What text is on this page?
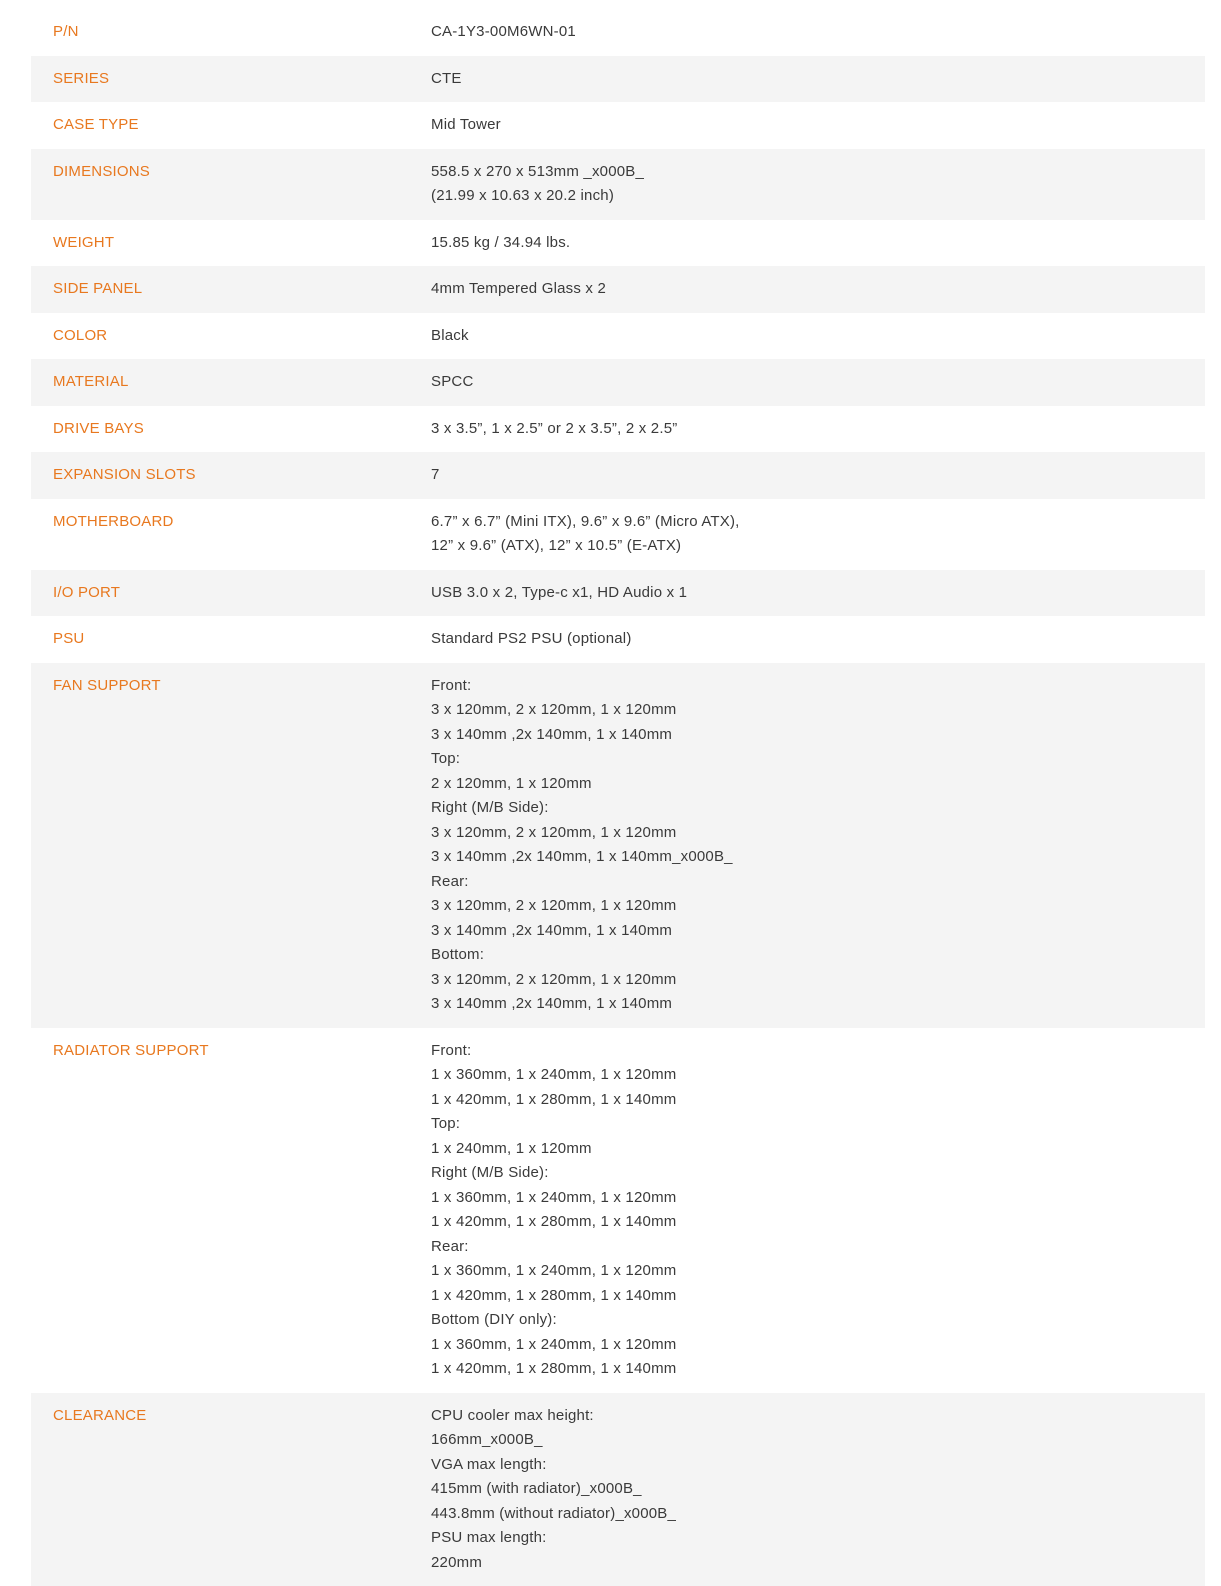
P/N	CA-1Y3-00M6WN-01
SERIES	CTE
CASE TYPE	Mid Tower
DIMENSIONS	558.5 x 270 x 513mm _x000B_
(21.99 x 10.63 x 20.2 inch)
WEIGHT	15.85 kg / 34.94 lbs.
SIDE PANEL	4mm Tempered Glass x 2
COLOR	Black
MATERIAL	SPCC
DRIVE BAYS	3 x 3.5”, 1 x 2.5” or 2 x 3.5”, 2 x 2.5”
EXPANSION SLOTS	7
MOTHERBOARD	6.7” x 6.7” (Mini ITX), 9.6” x 9.6” (Micro ATX),
12” x 9.6” (ATX), 12” x 10.5” (E-ATX)
I/O PORT	USB 3.0 x 2, Type-c x1, HD Audio x 1
PSU	Standard PS2 PSU (optional)
FAN SUPPORT	Front:
3 x 120mm, 2 x 120mm, 1 x 120mm
3 x 140mm ,2x 140mm, 1 x 140mm
Top:
2 x 120mm, 1 x 120mm
Right (M/B Side):
3 x 120mm, 2 x 120mm, 1 x 120mm
3 x 140mm ,2x 140mm, 1 x 140mm_x000B_
Rear:
3 x 120mm, 2 x 120mm, 1 x 120mm
3 x 140mm ,2x 140mm, 1 x 140mm
Bottom:
3 x 120mm, 2 x 120mm, 1 x 120mm
3 x 140mm ,2x 140mm, 1 x 140mm
RADIATOR SUPPORT	Front:
1 x 360mm, 1 x 240mm, 1 x 120mm
1 x 420mm, 1 x 280mm, 1 x 140mm
Top:
1 x 240mm, 1 x 120mm
Right (M/B Side):
1 x 360mm, 1 x 240mm, 1 x 120mm
1 x 420mm, 1 x 280mm, 1 x 140mm
Rear:
1 x 360mm, 1 x 240mm, 1 x 120mm
1 x 420mm, 1 x 280mm, 1 x 140mm
Bottom (DIY only):
1 x 360mm, 1 x 240mm, 1 x 120mm
1 x 420mm, 1 x 280mm, 1 x 140mm
CLEARANCE	CPU cooler max height:
166mm_x000B_
VGA max length:
415mm (with radiator)_x000B_
443.8mm (without radiator)_x000B_
PSU max length:
220mm
